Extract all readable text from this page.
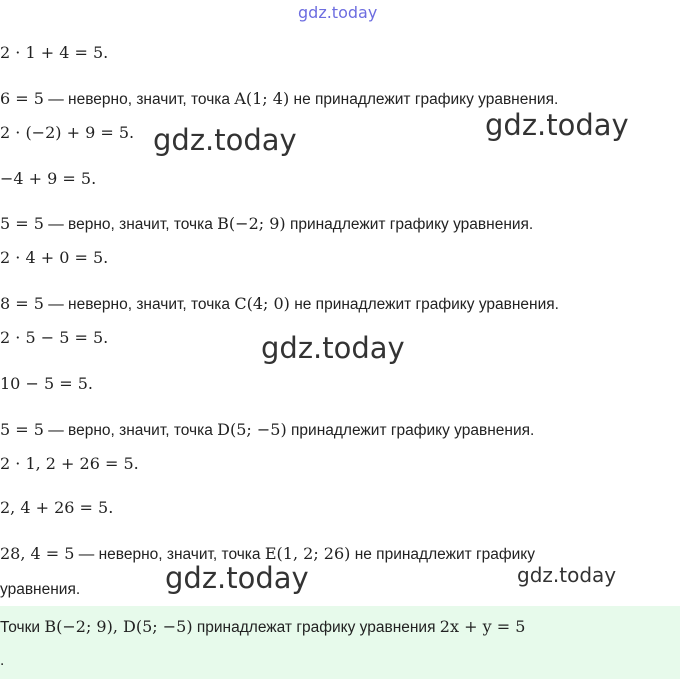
gdz.today
2 · 1 + 4 = 5.
6 = 5 — неверно, значит, точка A(1; 4) не принадлежит графику уравнения.
2 · (−2) + 9 = 5.
−4 + 9 = 5.
5 = 5 — верно, значит, точка B(−2; 9) принадлежит графику уравнения.
2 · 4 + 0 = 5.
8 = 5 — неверно, значит, точка C(4; 0) не принадлежит графику уравнения.
2 · 5 − 5 = 5.
10 − 5 = 5.
5 = 5 — верно, значит, точка D(5; −5) принадлежит графику уравнения.
2 · 1, 2 + 26 = 5.
2, 4 + 26 = 5.
28, 4 = 5 — неверно, значит, точка E(1, 2; 26) не принадлежит графику
уравнения.
Точки B(−2; 9), D(5; −5) принадлежат графику уравнения 2x + y = 5
.
gdz.today	gdz.today
gdz.today
gdz.today	gdz.today
